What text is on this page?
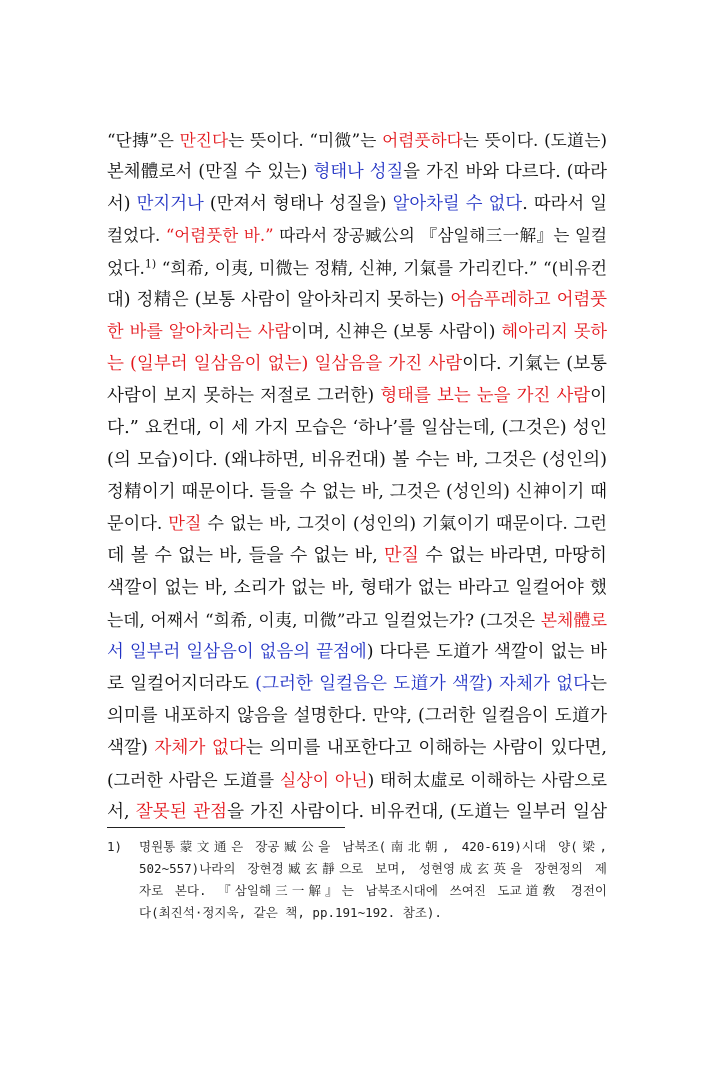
“단摶”은 만진다는 뜻이다. “미微”는 어렴풋하다는 뜻이다. (도道는)
본체體로서 (만질 수 있는) 형태나 성질을 가진 바와 다르다. (따라
서) 만지거나 (만져서 형태나 성질을) 알아차릴 수 없다. 따라서 일
컬었다. “어렴풋한 바.” 따라서 장공臧公의 『삼일해三一解』는 일컬
었다.$^{1)}$ “희希, 이夷, 미微는 정精, 신神, 기氣를 가리킨다.” “(비유컨
대) 정精은 (보통 사람이 알아차리지 못하는) 어슴푸레하고 어렴풋
한 바를 알아차리는 사람이며, 신神은 (보통 사람이) 헤아리지 못하
는 (일부러 일삼음이 없는) 일삼음을 가진 사람이다. 기氣는 (보통
사람이 보지 못하는 저절로 그러한) 형태를 보는 눈을 가진 사람이
다.” 요컨대, 이 세 가지 모습은 ‘하나’를 일삼는데, (그것은) 성인
(의 모습)이다. (왜냐하면, 비유컨대) 볼 수는 바, 그것은 (성인의)
정精이기 때문이다. 들을 수 없는 바, 그것은 (성인의) 신神이기 때
문이다. 만질 수 없는 바, 그것이 (성인의) 기氣이기 때문이다. 그런
데 볼 수 없는 바, 들을 수 없는 바, 만질 수 없는 바라면, 마땅히
색깔이 없는 바, 소리가 없는 바, 형태가 없는 바라고 일컬어야 했
는데, 어째서 “희希, 이夷, 미微”라고 일컬었는가? (그것은 본체體로
서 일부러 일삼음이 없음의 끝점에) 다다른 도道가 색깔이 없는 바
로 일컬어지더라도 (그러한 일컬음은 도道가 색깔) 자체가 없다는
의미를 내포하지 않음을 설명한다. 만약, (그러한 일컬음이 도道가
색깔) 자체가 없다는 의미를 내포한다고 이해하는 사람이 있다면,
(그러한 사람은 도道를 실상이 아닌) 태허太虛로 이해하는 사람으로
서, 잘못된 관점을 가진 사람이다. 비유컨대, (도道는 일부러 일삼
1) 명원통蒙文通은 장공臧公을 남북조(南北朝, 420-619)시대 양(梁,
502~557)나라의 장현경臧玄靜으로 보며, 성현영成玄英을 장현정의 제
자로 본다. 『삼일해三一解』는 남북조시대에 쓰여진 도교道敎 경전이
다(최진석·정지욱, 같은 책, pp.191~192. 참조).
